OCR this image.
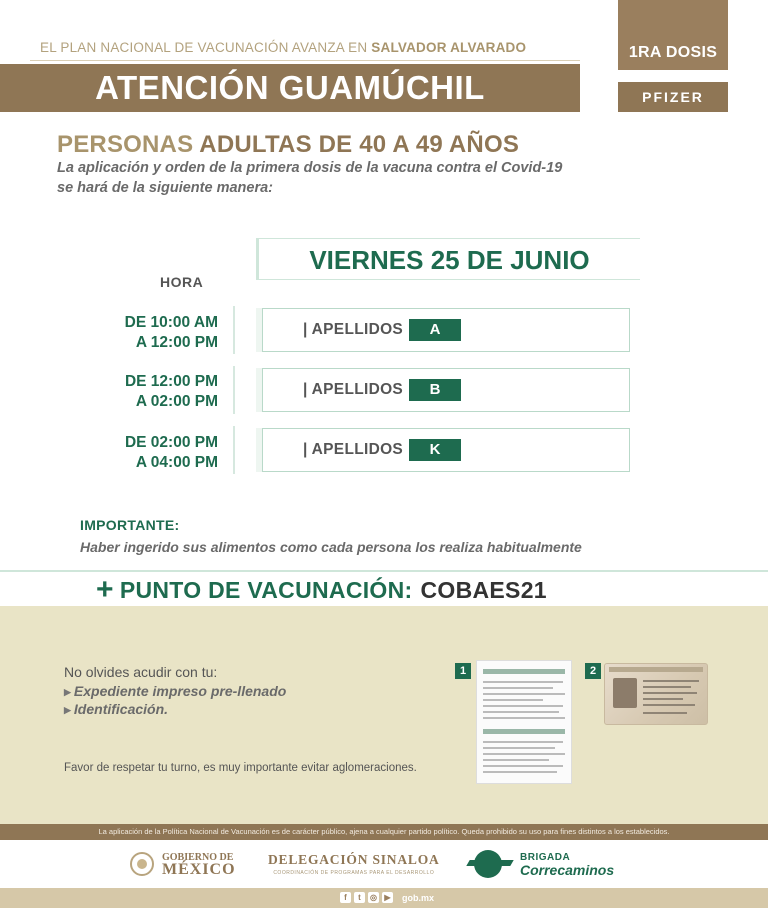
EL PLAN NACIONAL DE VACUNACIÓN AVANZA EN SALVADOR ALVARADO
ATENCIÓN GUAMÚCHIL
1RA DOSIS
PFIZER
PERSONAS ADULTAS DE 40 A 49 AÑOS
La aplicación y orden de la primera dosis de la vacuna contra el Covid-19 se hará de la siguiente manera:
VIERNES 25 DE JUNIO
HORA
DE 10:00 AM
A 12:00 PM
| APELLIDOS	A
DE 12:00 PM
A 02:00 PM
| APELLIDOS	B
DE 02:00 PM
A 04:00 PM
| APELLIDOS	K
IMPORTANTE:
Haber ingerido sus alimentos como cada persona los realiza habitualmente
+ PUNTO DE VACUNACIÓN: COBAES21
No olvides acudir con tu:
▶ Expediente impreso pre-llenado
▶ Identificación.
Favor de respetar tu turno, es muy importante evitar aglomeraciones.
1	2
La aplicación de la Política Nacional de Vacunación es de carácter público, ajena a cualquier partido político. Queda prohibido su uso para fines distintos a los establecidos.
GOBIERNO DE
MÉXICO
DELEGACIÓN SINALOA
COORDINACIÓN DE PROGRAMAS PARA EL DESARROLLO
BRIGADA
Correcaminos
f	t	◎ ▶ gob.mx
